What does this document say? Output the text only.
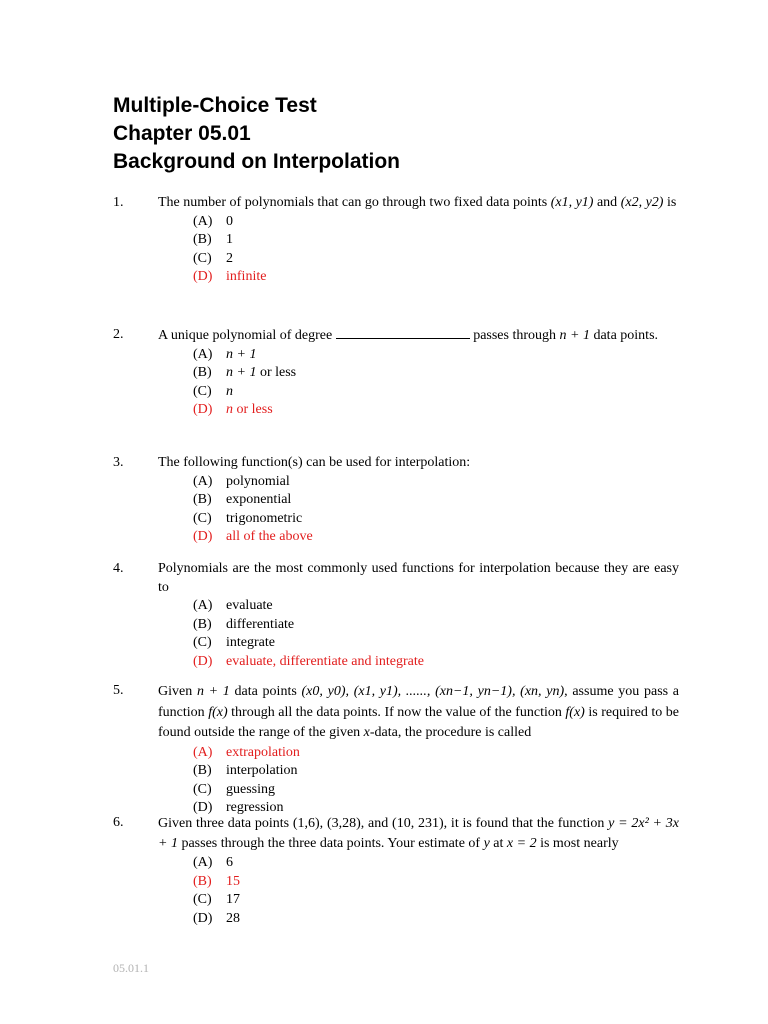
Multiple-Choice Test
Chapter 05.01
Background on Interpolation
1. The number of polynomials that can go through two fixed data points (x1, y1) and (x2, y2) is
(A) 0
(B)	1
(C)	2
(D) infinite
2. A unique polynomial of degree	passes through n + 1 data points.
(A) n + 1
(B)	n + 1
or less
(C)	n
(D) n
or less
3. The following function(s) can be used for interpolation:
(A) polynomial
(B)	exponential
(C)	trigonometric
(D) all of the above
4. Polynomials are the most commonly used functions for interpolation because they are easy to
(A) evaluate
(B)	differentiate
(C)	integrate
(D) evaluate, differentiate and integrate
5. Given n + 1 data points (x0, y0), (x1, y1), ......, (xn−1, yn−1), (xn, yn), assume you pass a function f(x) through all the data points. If now the value of the function f(x) is required to be found outside the range of the given x-data, the procedure is called
(A) extrapolation
(B)	interpolation
(C)	guessing
(D) regression
6. Given three data points (1,6), (3,28), and (10, 231), it is found that the function y = 2x² + 3x + 1 passes through the three data points. Your estimate of y at x = 2 is most nearly
(A) 6
(B)	15
(C)	17
(D) 28
05.01.1
